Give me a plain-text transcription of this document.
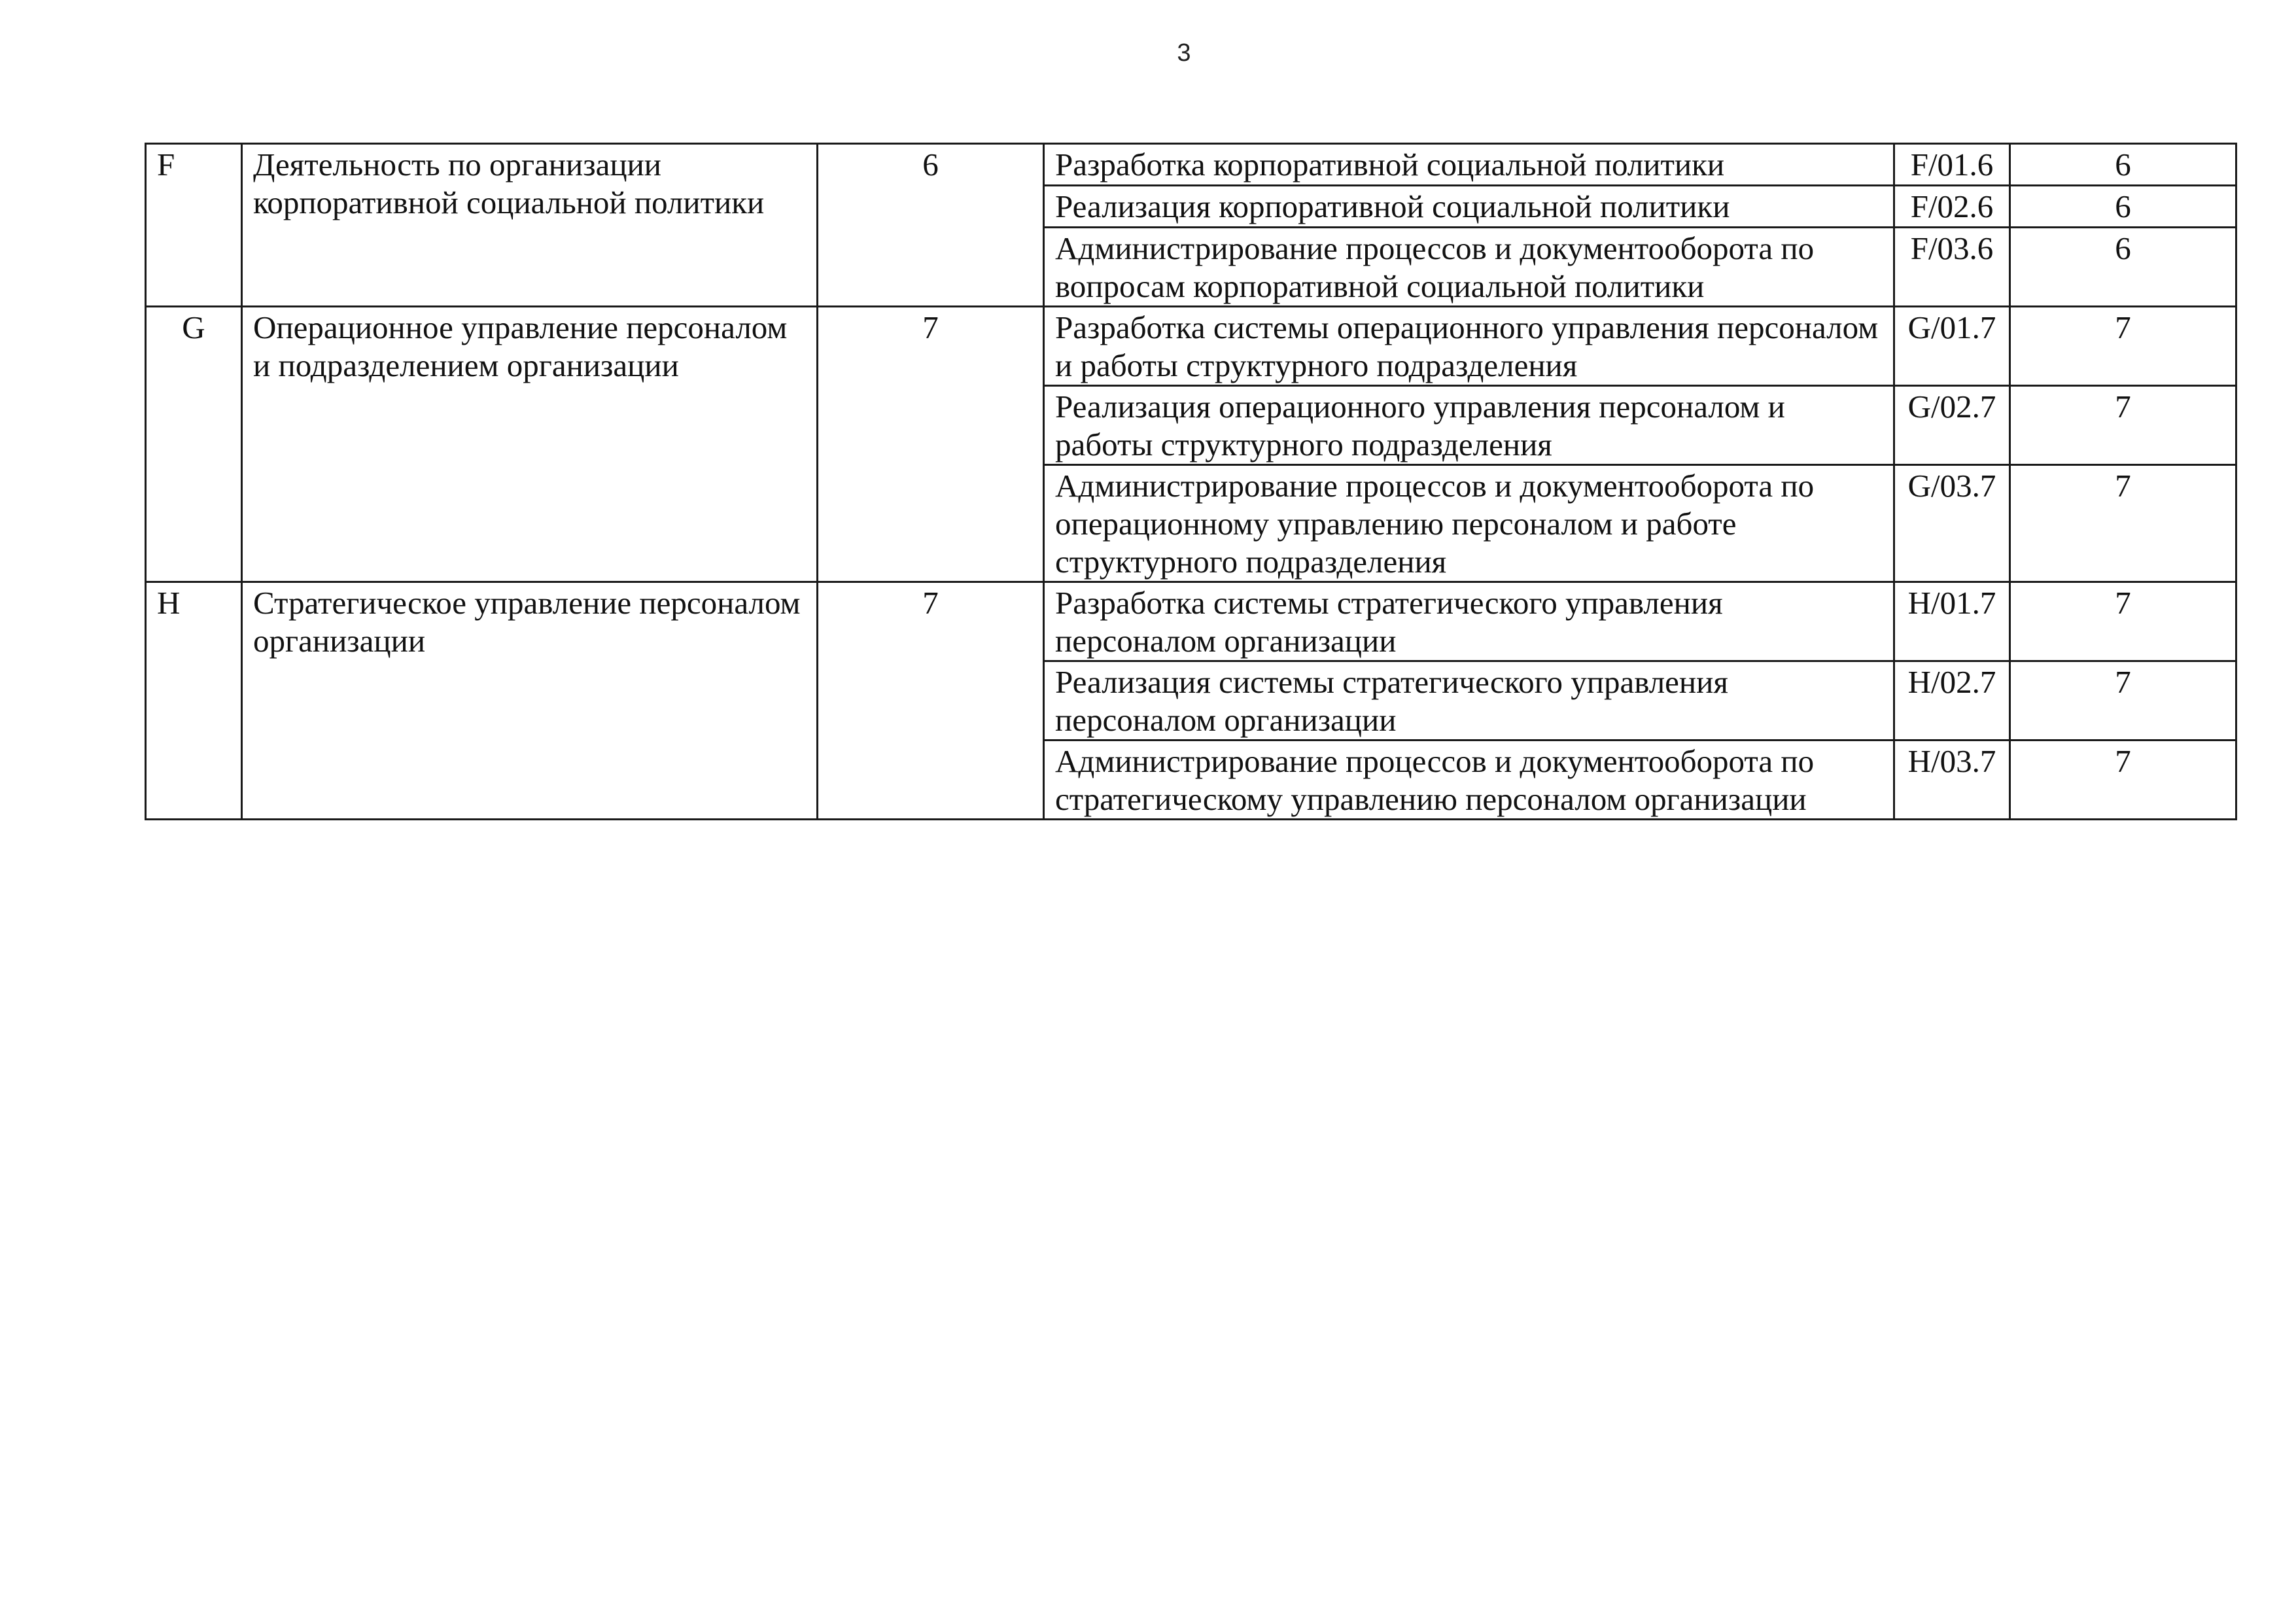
3
F	Деятельность по организации корпоративной социальной политики	6	Разработка корпоративной социальной политики	F/01.6	6
			Реализация корпоративной социальной политики	F/02.6	6
			Администрирование процессов и документооборота по вопросам корпоративной социальной политики	F/03.6	6
G	Операционное управление персоналом и подразделением организации	7	Разработка системы операционного управления персоналом и работы структурного подразделения	G/01.7	7
			Реализация операционного управления персоналом и работы структурного подразделения	G/02.7	7
			Администрирование процессов и документооборота по операционному управлению персоналом и работе структурного подразделения	G/03.7	7
H	Стратегическое управление персоналом организации	7	Разработка системы стратегического управления персоналом организации	H/01.7	7
			Реализация системы стратегического управления персоналом организации	H/02.7	7
			Администрирование процессов и документооборота по стратегическому управлению персоналом организации	H/03.7	7
